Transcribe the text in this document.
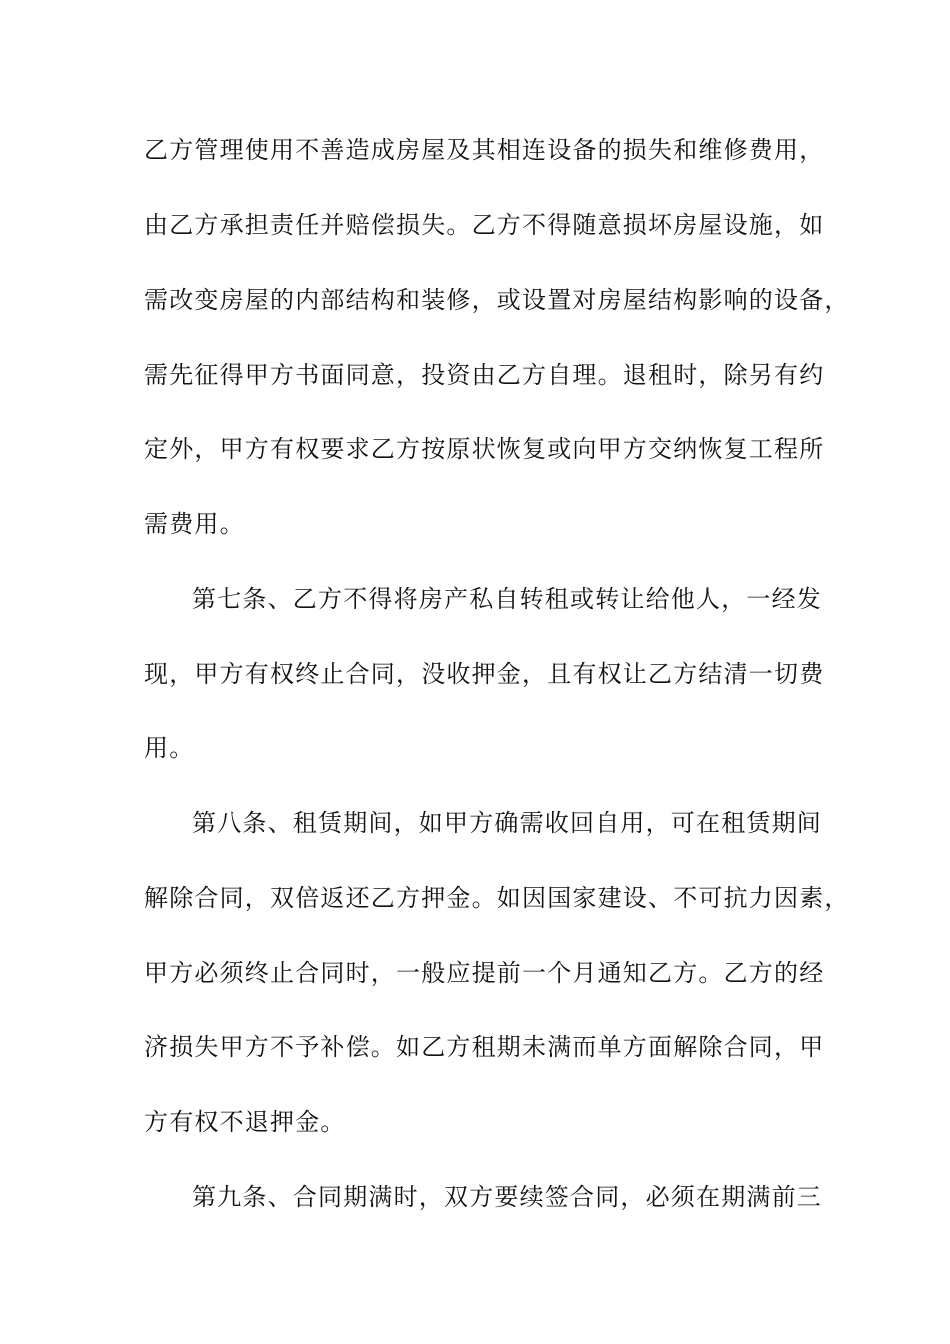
乙方管理使用不善造成房屋及其相连设备的损失和维修费用，
由乙方承担责任并赔偿损失。乙方不得随意损坏房屋设施，如
需改变房屋的内部结构和装修，或设置对房屋结构影响的设备，
需先征得甲方书面同意，投资由乙方自理。退租时，除另有约
定外，甲方有权要求乙方按原状恢复或向甲方交纳恢复工程所
需费用。
第七条、乙方不得将房产私自转租或转让给他人，一经发
现，甲方有权终止合同，没收押金，且有权让乙方结清一切费
用。
第八条、租赁期间，如甲方确需收回自用，可在租赁期间
解除合同，双倍返还乙方押金。如因国家建设、不可抗力因素，
甲方必须终止合同时，一般应提前一个月通知乙方。乙方的经
济损失甲方不予补偿。如乙方租期未满而单方面解除合同，甲
方有权不退押金。
第九条、合同期满时，双方要续签合同，必须在期满前三
